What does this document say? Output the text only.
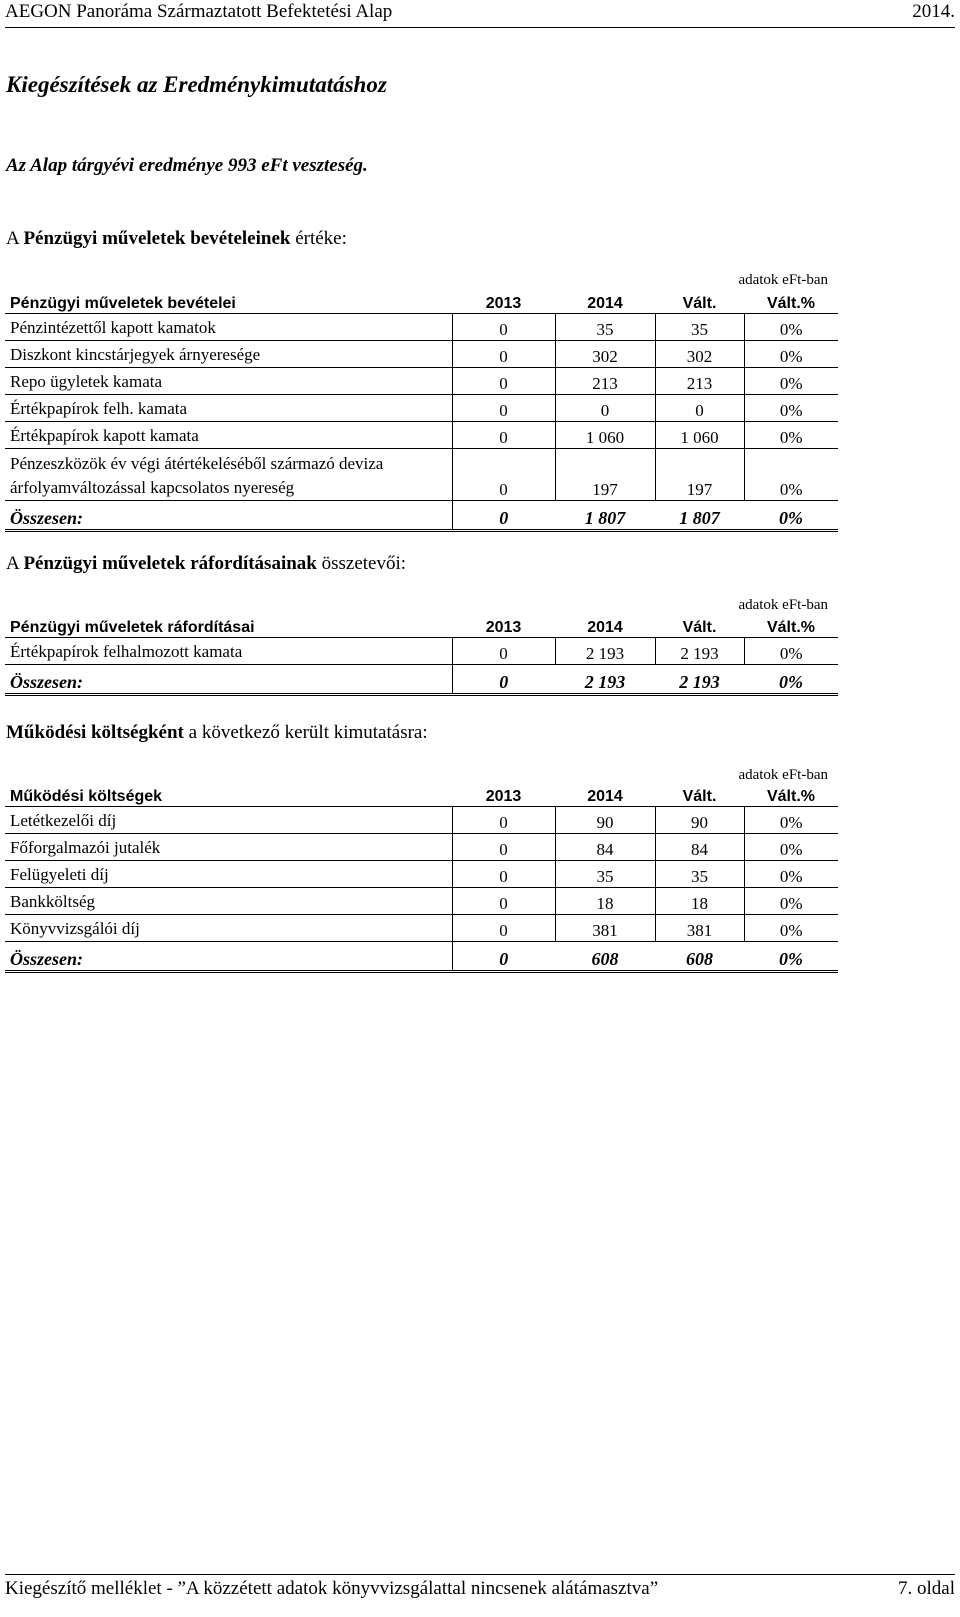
AEGON Panoráma Származtatott Befektetési Alap	2014.
Kiegészítések az Eredménykimutatáshoz
Az Alap tárgyévi eredménye 993 eFt veszteség.
A Pénzügyi műveletek bevételeinek értéke:
adatok eFt-ban
Pénzügyi műveletek bevételei	2013	2014	Vált.	Vált.%
Pénzintézettől kapott kamatok	0	35	35	0%
Diszkont kincstárjegyek árnyeresége	0	302	302	0%
Repo ügyletek kamata	0	213	213	0%
Értékpapírok felh. kamata	0	0	0	0%
Értékpapírok kapott kamata	0	1 060	1 060	0%
Pénzeszközök év végi átértékeléséből származó deviza árfolyamváltozással kapcsolatos nyereség	0	197	197	0%
Összesen:	0	1 807	1 807	0%
A Pénzügyi műveletek ráfordításainak összetevői:
adatok eFt-ban
Pénzügyi műveletek ráfordításai	2013	2014	Vált.	Vált.%
Értékpapírok felhalmozott kamata	0	2 193	2 193	0%
Összesen:	0	2 193	2 193	0%
Működési költségként a következő került kimutatásra:
adatok eFt-ban
Működési költségek	2013	2014	Vált.	Vált.%
Letétkezelői díj	0	90	90	0%
Főforgalmazói jutalék	0	84	84	0%
Felügyeleti díj	0	35	35	0%
Bankköltség	0	18	18	0%
Könyvvizsgálói díj	0	381	381	0%
Összesen:	0	608	608	0%
Kiegészítő melléklet - ”A közzétett adatok könyvvizsgálattal nincsenek alátámasztva”	7. oldal
